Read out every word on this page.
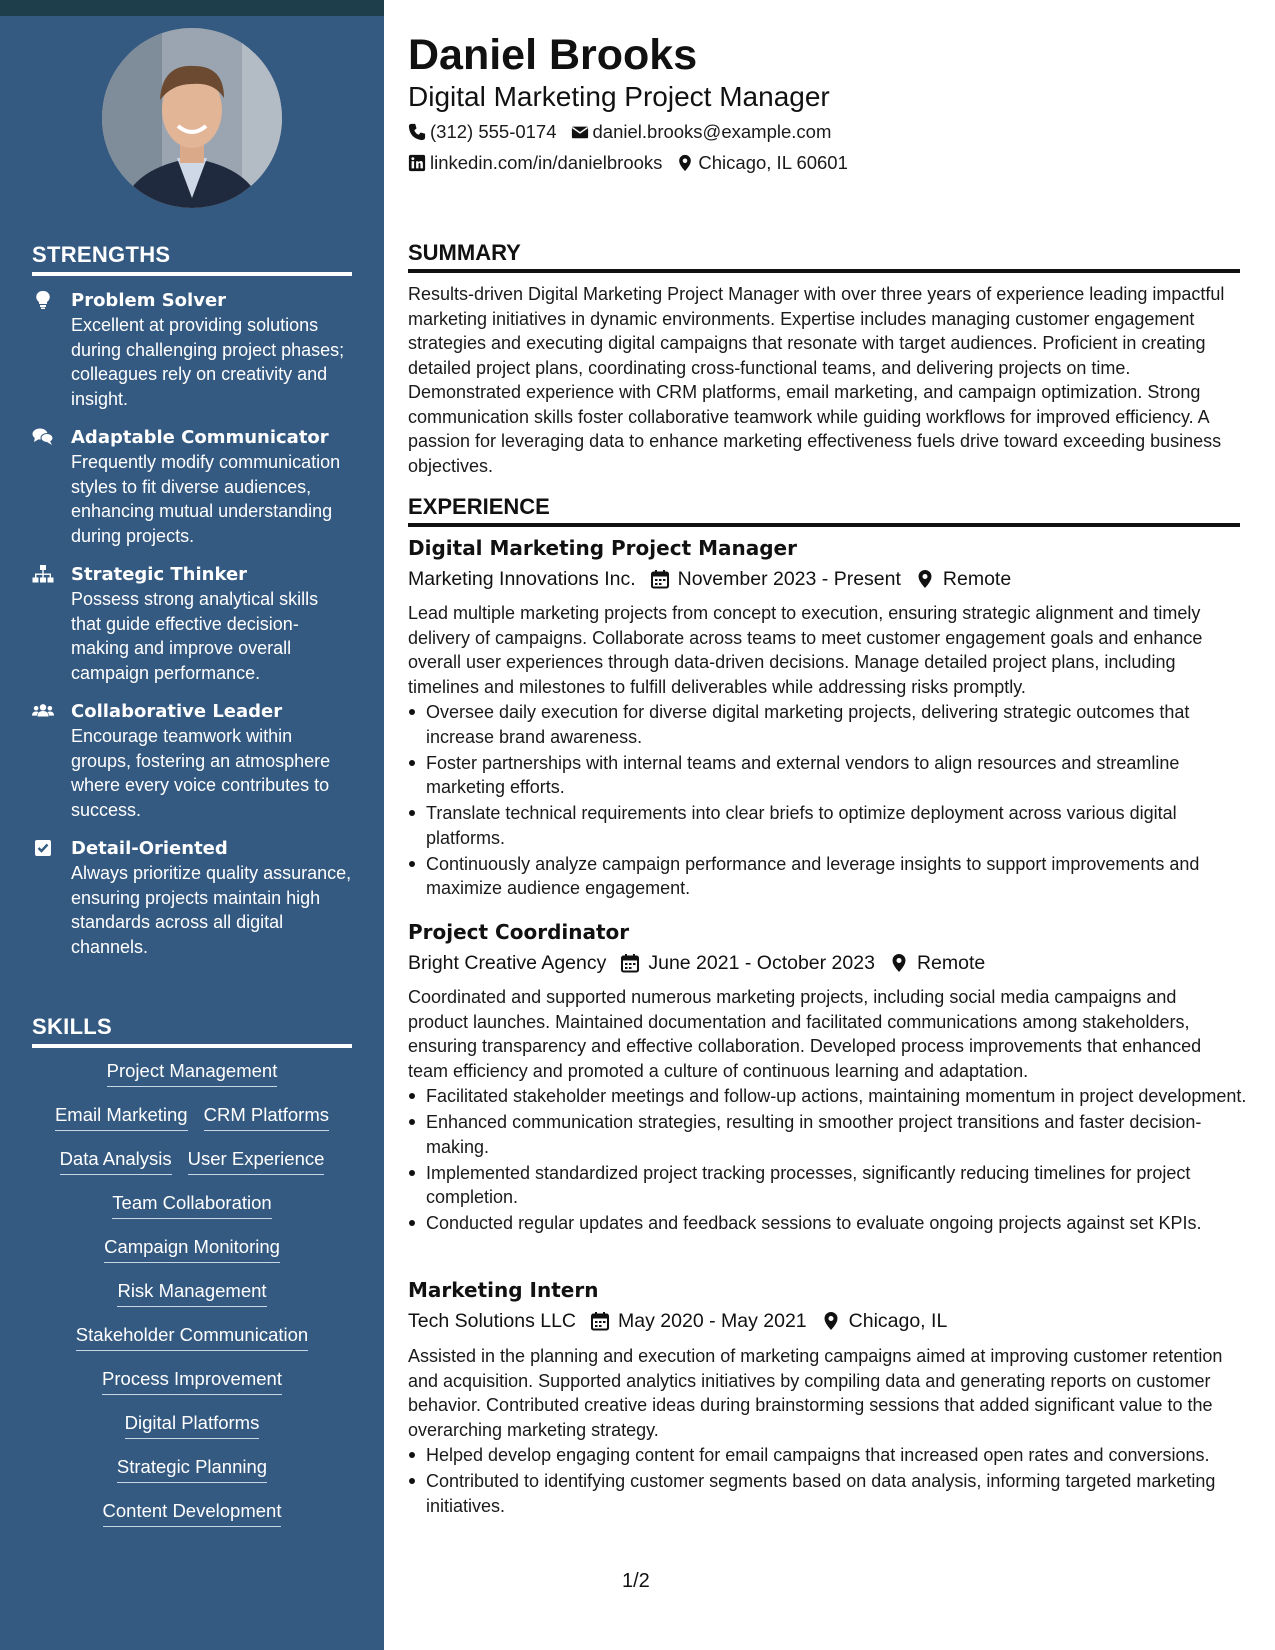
STRENGTHS
Problem Solver
Excellent at providing solutions during challenging project phases; colleagues rely on creativity and insight.
Adaptable Communicator
Frequently modify communication styles to fit diverse audiences, enhancing mutual understanding during projects.
Strategic Thinker
Possess strong analytical skills that guide effective decision-making and improve overall campaign performance.
Collaborative Leader
Encourage teamwork within groups, fostering an atmosphere where every voice contributes to success.
Detail-Oriented
Always prioritize quality assurance, ensuring projects maintain high standards across all digital channels.
SKILLS
Project Management
Email Marketing CRM Platforms
Data Analysis User Experience
Team Collaboration
Campaign Monitoring
Risk Management
Stakeholder Communication
Process Improvement
Digital Platforms
Strategic Planning
Content Development
Daniel Brooks
Digital Marketing Project Manager
(312) 555-0174 daniel.brooks@example.com
linkedin.com/in/danielbrooks Chicago, IL 60601
SUMMARY

Results-driven Digital Marketing Project Manager with over three years of experience leading impactful marketing initiatives in dynamic environments. Expertise includes managing customer engagement strategies and executing digital campaigns that resonate with target audiences. Proficient in creating detailed project plans, coordinating cross-functional teams, and delivering projects on time. Demonstrated experience with CRM platforms, email marketing, and campaign optimization. Strong communication skills foster collaborative teamwork while guiding workflows for improved efficiency. A passion for leveraging data to enhance marketing effectiveness fuels drive toward exceeding business objectives.

EXPERIENCE
Digital Marketing Project Manager
Marketing Innovations Inc. November 2023 - Present Remote

Lead multiple marketing projects from concept to execution, ensuring strategic alignment and timely delivery of campaigns. Collaborate across teams to meet customer engagement goals and enhance overall user experiences through data-driven decisions. Manage detailed project plans, including timelines and milestones to fulfill deliverables while addressing risks promptly.

Oversee daily execution for diverse digital marketing projects, delivering strategic outcomes that increase brand awareness.
Foster partnerships with internal teams and external vendors to align resources and streamline marketing efforts.
Translate technical requirements into clear briefs to optimize deployment across various digital platforms.
Continuously analyze campaign performance and leverage insights to support improvements and maximize audience engagement.
Project Coordinator
Bright Creative Agency June 2021 - October 2023 Remote

Coordinated and supported numerous marketing projects, including social media campaigns and product launches. Maintained documentation and facilitated communications among stakeholders, ensuring transparency and effective collaboration. Developed process improvements that enhanced team efficiency and promoted a culture of continuous learning and adaptation.

Facilitated stakeholder meetings and follow-up actions, maintaining momentum in project development.
Enhanced communication strategies, resulting in smoother project transitions and faster decision-making.
Implemented standardized project tracking processes, significantly reducing timelines for project completion.
Conducted regular updates and feedback sessions to evaluate ongoing projects against set KPIs.
Marketing Intern
Tech Solutions LLC May 2020 - May 2021 Chicago, IL

Assisted in the planning and execution of marketing campaigns aimed at improving customer retention and acquisition. Supported analytics initiatives by compiling data and generating reports on customer behavior. Contributed creative ideas during brainstorming sessions that added significant value to the overarching marketing strategy.

Helped develop engaging content for email campaigns that increased open rates and conversions.
Contributed to identifying customer segments based on data analysis, informing targeted marketing initiatives.
1/2
